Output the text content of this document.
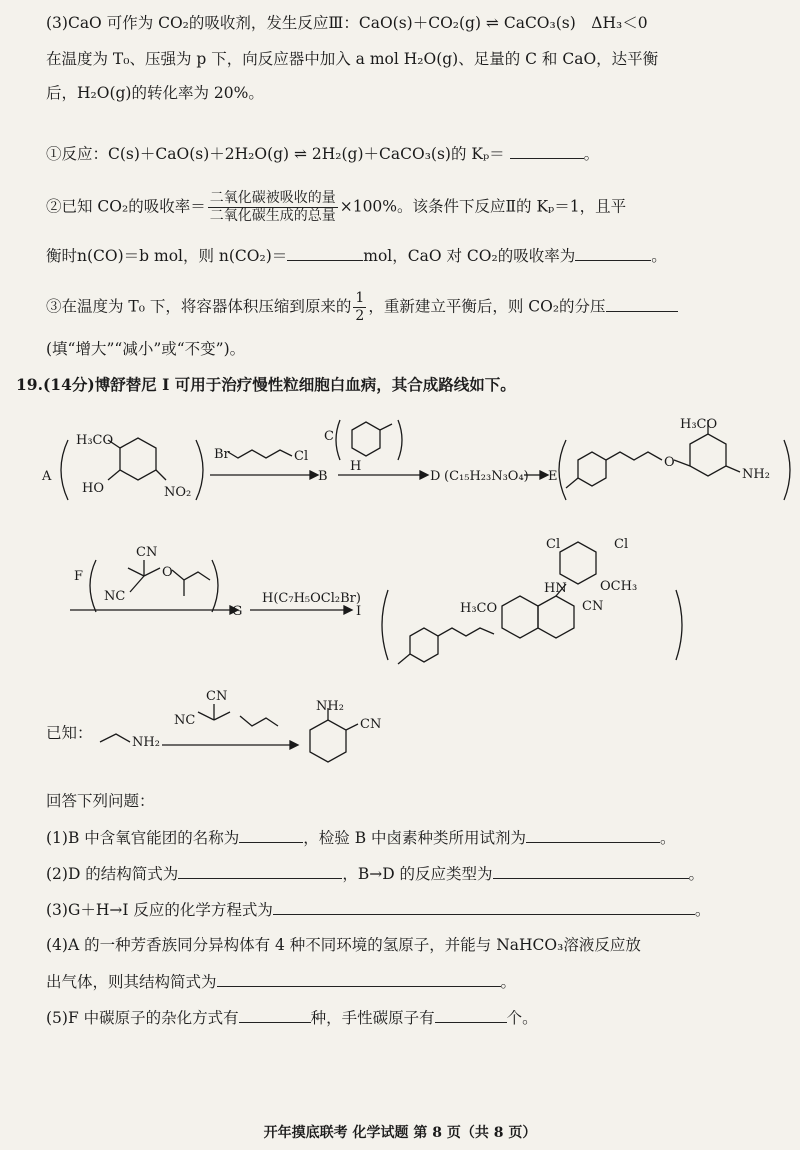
(3)CaO 可作为 CO₂的吸收剂，发生反应Ⅲ：CaO(s)＋CO₂(g) ⇌ CaCO₃(s)　ΔH₃＜0
在温度为 T₀、压强为 p 下，向反应器中加入 a mol H₂O(g)、足量的 C 和 CaO，达平衡
后，H₂O(g)的转化率为 20%。
①反应：C(s)＋CaO(s)＋2H₂O(g) ⇌ 2H₂(g)＋CaCO₃(s)的 Kₚ＝	。
②已知 CO₂的吸收率＝ $\frac{\text{二氧化碳被吸收的量}}{\text{二氧化碳生成的总量}} \times 100\%$。该条件下反应Ⅱ的 Kₚ＝1，且平
衡时n(CO)＝b mol，则 n(CO₂)＝	mol，CaO 对 CO₂的吸收率为	。
③在温度为 T₀ 下，将容器体积压缩到原来的 $\frac{1}{2}$ ，重新建立平衡后，则 CO₂的分压
(填“增大”“减小”或“不变”)。
19.(14分)博舒替尼 I 可用于治疗慢性粒细胞白血病，其合成路线如下。
A
H₃CO
HO	NO₂
Br	Cl
B
C
H
D (C₁₅H₂₃N₃O₄) E
H₃CO
O
NH₂
F
CN
NC
O
G
H(C₇H₅OCl₂Br)
I
Cl	Cl
HN	OCH₃
H₃CO	CN
NH₂
CN
NC
NH₂
CN
已知：
回答下列问题：
(1)B 中含氧官能团的名称为	，检验 B 中卤素种类所用试剂为	。
(2)D 的结构简式为	，B→D 的反应类型为	。
(3)G＋H→I 反应的化学方程式为	。
(4)A 的一种芳香族同分异构体有 4 种不同环境的氢原子，并能与 NaHCO₃溶液反应放
出气体，则其结构简式为	。
(5)F 中碳原子的杂化方式有	种，手性碳原子有	个。
开年摸底联考 化学试题 第 8 页（共 8 页）
